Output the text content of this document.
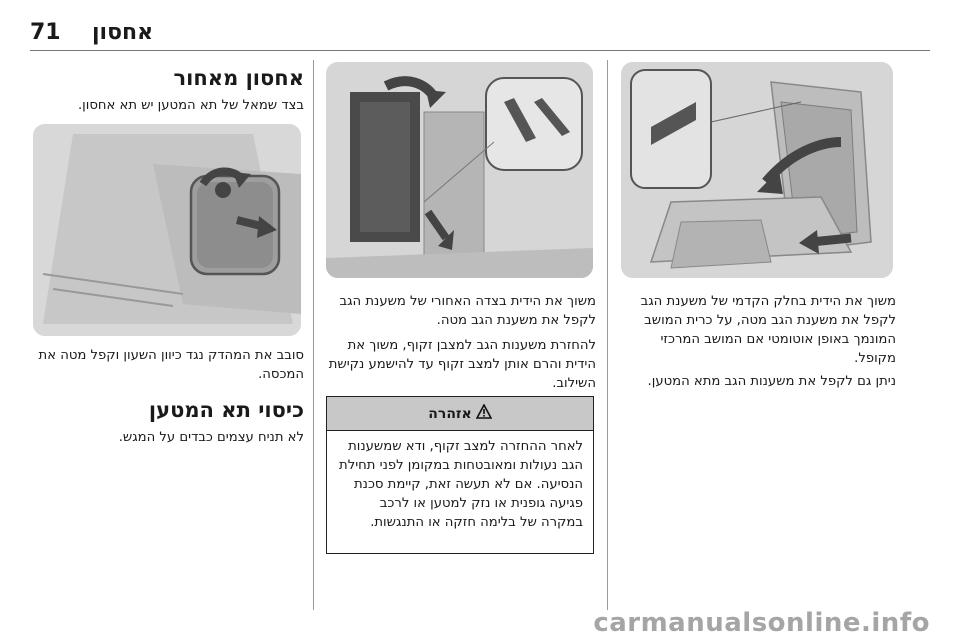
71 אחסון
משוך את הידית בחלק הקדמי של משענת הגב לקפל את משענת הגב מטה, על כרית המושב המונמך באופן אוטומטי אם המושב המרכזי מקופל.
ניתן גם לקפל את משענות הגב מתא המטען.
משוך את הידית בצדה האחורי של משענת הגב לקפל את משענת הגב מטה.
להחזרת משענות הגב למצבן זקוף, משוך את הידית והרם אותן למצב זקוף עד להישמע נקישת השילוב.
אזהרה
לאחר ההחזרה למצב זקוף, ודא שמשענות הגב נעולות ומאובטחות במקומן לפני תחילת הנסיעה. אם לא תעשה זאת, קיימת סכנת פגיעה גופנית או נזק למטען או לרכב במקרה של בלימה חזקה או התנגשות.
אחסון מאחור
בצד שמאל של תא המטען יש תא אחסון.
סובב את המהדק נגד כיוון השעון וקפל מטה את המכסה.
כיסוי תא המטען
לא תניח עצמים כבדים על המגש.
carmanualsonline.info
